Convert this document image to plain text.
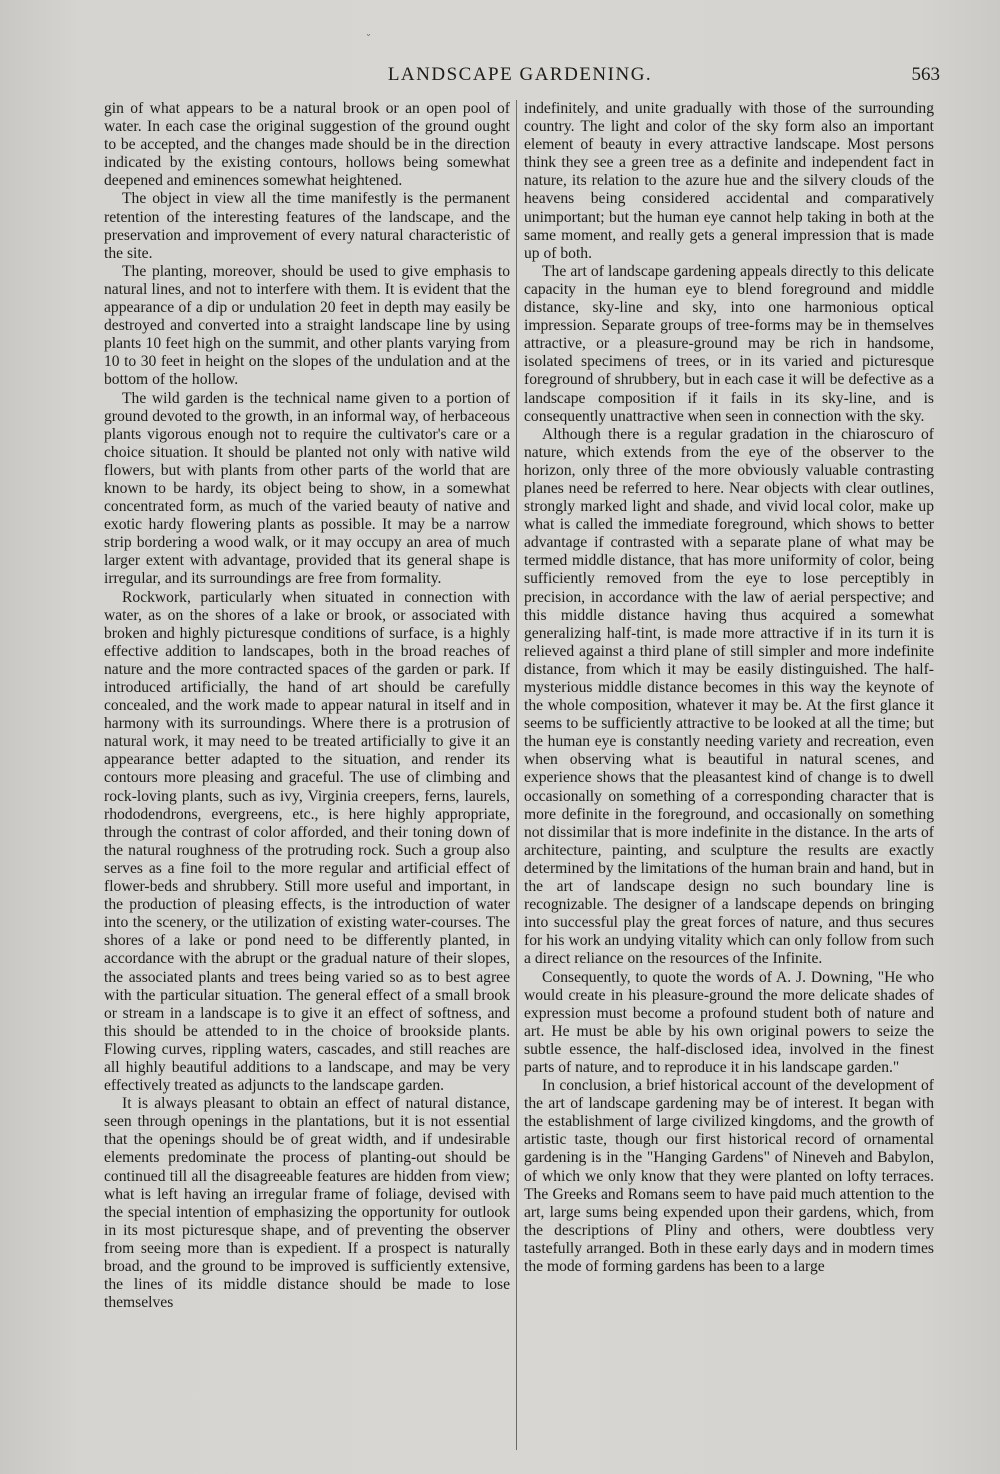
˘
LANDSCAPE GARDENING.	563

gin of what appears to be a natural brook or an open pool of water. In each case the original suggestion of the ground ought to be accepted, and the changes made should be in the direction indicated by the existing contours, hollows being somewhat deepened and eminences somewhat heightened.

The object in view all the time manifestly is the permanent retention of the interesting features of the landscape, and the preservation and improvement of every natural characteristic of the site.

The planting, moreover, should be used to give emphasis to natural lines, and not to interfere with them. It is evident that the appearance of a dip or undulation 20 feet in depth may easily be destroyed and converted into a straight landscape line by using plants 10 feet high on the summit, and other plants varying from 10 to 30 feet in height on the slopes of the undulation and at the bottom of the hollow.

The wild garden is the technical name given to a portion of ground devoted to the growth, in an informal way, of herbaceous plants vigorous enough not to require the cultivator's care or a choice situation. It should be planted not only with native wild flowers, but with plants from other parts of the world that are known to be hardy, its object being to show, in a somewhat concentrated form, as much of the varied beauty of native and exotic hardy flowering plants as possible. It may be a narrow strip bordering a wood walk, or it may occupy an area of much larger extent with advantage, provided that its general shape is irregular, and its surroundings are free from formality.

Rockwork, particularly when situated in connection with water, as on the shores of a lake or brook, or associated with broken and highly picturesque conditions of surface, is a highly effective addition to landscapes, both in the broad reaches of nature and the more contracted spaces of the garden or park. If introduced artificially, the hand of art should be carefully concealed, and the work made to appear natural in itself and in harmony with its surroundings. Where there is a protrusion of natural work, it may need to be treated artificially to give it an appearance better adapted to the situation, and render its contours more pleasing and graceful. The use of climbing and rock-loving plants, such as ivy, Virginia creepers, ferns, laurels, rhododendrons, evergreens, etc., is here highly appropriate, through the contrast of color afforded, and their toning down of the natural roughness of the protruding rock. Such a group also serves as a fine foil to the more regular and artificial effect of flower-beds and shrubbery. Still more useful and important, in the production of pleasing effects, is the introduction of water into the scenery, or the utilization of existing water-courses. The shores of a lake or pond need to be differently planted, in accordance with the abrupt or the gradual nature of their slopes, the associated plants and trees being varied so as to best agree with the particular situation. The general effect of a small brook or stream in a landscape is to give it an effect of softness, and this should be attended to in the choice of brookside plants. Flowing curves, rippling waters, cascades, and still reaches are all highly beautiful additions to a landscape, and may be very effectively treated as adjuncts to the landscape garden.

It is always pleasant to obtain an effect of natural distance, seen through openings in the plantations, but it is not essential that the openings should be of great width, and if undesirable elements predominate the process of planting-out should be continued till all the disagreeable features are hidden from view; what is left having an irregular frame of foliage, devised with the special intention of emphasizing the opportunity for outlook in its most picturesque shape, and of preventing the observer from seeing more than is expedient. If a prospect is naturally broad, and the ground to be improved is sufficiently extensive, the lines of its middle distance should be made to lose themselves

indefinitely, and unite gradually with those of the surrounding country. The light and color of the sky form also an important element of beauty in every attractive landscape. Most persons think they see a green tree as a definite and independent fact in nature, its relation to the azure hue and the silvery clouds of the heavens being considered accidental and comparatively unimportant; but the human eye cannot help taking in both at the same moment, and really gets a general impression that is made up of both.

The art of landscape gardening appeals directly to this delicate capacity in the human eye to blend foreground and middle distance, sky-line and sky, into one harmonious optical impression. Separate groups of tree-forms may be in themselves attractive, or a pleasure-ground may be rich in handsome, isolated specimens of trees, or in its varied and picturesque foreground of shrubbery, but in each case it will be defective as a landscape composition if it fails in its sky-line, and is consequently unattractive when seen in connection with the sky.

Although there is a regular gradation in the chiaroscuro of nature, which extends from the eye of the observer to the horizon, only three of the more obviously valuable contrasting planes need be referred to here. Near objects with clear outlines, strongly marked light and shade, and vivid local color, make up what is called the immediate foreground, which shows to better advantage if contrasted with a separate plane of what may be termed middle distance, that has more uniformity of color, being sufficiently removed from the eye to lose perceptibly in precision, in accordance with the law of aerial perspective; and this middle distance having thus acquired a somewhat generalizing half-tint, is made more attractive if in its turn it is relieved against a third plane of still simpler and more indefinite distance, from which it may be easily distinguished. The half-mysterious middle distance becomes in this way the keynote of the whole composition, whatever it may be. At the first glance it seems to be sufficiently attractive to be looked at all the time; but the human eye is constantly needing variety and recreation, even when observing what is beautiful in natural scenes, and experience shows that the pleasantest kind of change is to dwell occasionally on something of a corresponding character that is more definite in the foreground, and occasionally on something not dissimilar that is more indefinite in the distance. In the arts of architecture, painting, and sculpture the results are exactly determined by the limitations of the human brain and hand, but in the art of landscape design no such boundary line is recognizable. The designer of a landscape depends on bringing into successful play the great forces of nature, and thus secures for his work an undying vitality which can only follow from such a direct reliance on the resources of the Infinite.

Consequently, to quote the words of A. J. Downing, "He who would create in his pleasure-ground the more delicate shades of expression must become a profound student both of nature and art. He must be able by his own original powers to seize the subtle essence, the half-disclosed idea, involved in the finest parts of nature, and to reproduce it in his landscape garden."

In conclusion, a brief historical account of the development of the art of landscape gardening may be of interest. It began with the establishment of large civilized kingdoms, and the growth of artistic taste, though our first historical record of ornamental gardening is in the "Hanging Gardens" of Nineveh and Babylon, of which we only know that they were planted on lofty terraces. The Greeks and Romans seem to have paid much attention to the art, large sums being expended upon their gardens, which, from the descriptions of Pliny and others, were doubtless very tastefully arranged. Both in these early days and in modern times the mode of forming gardens has been to a large
